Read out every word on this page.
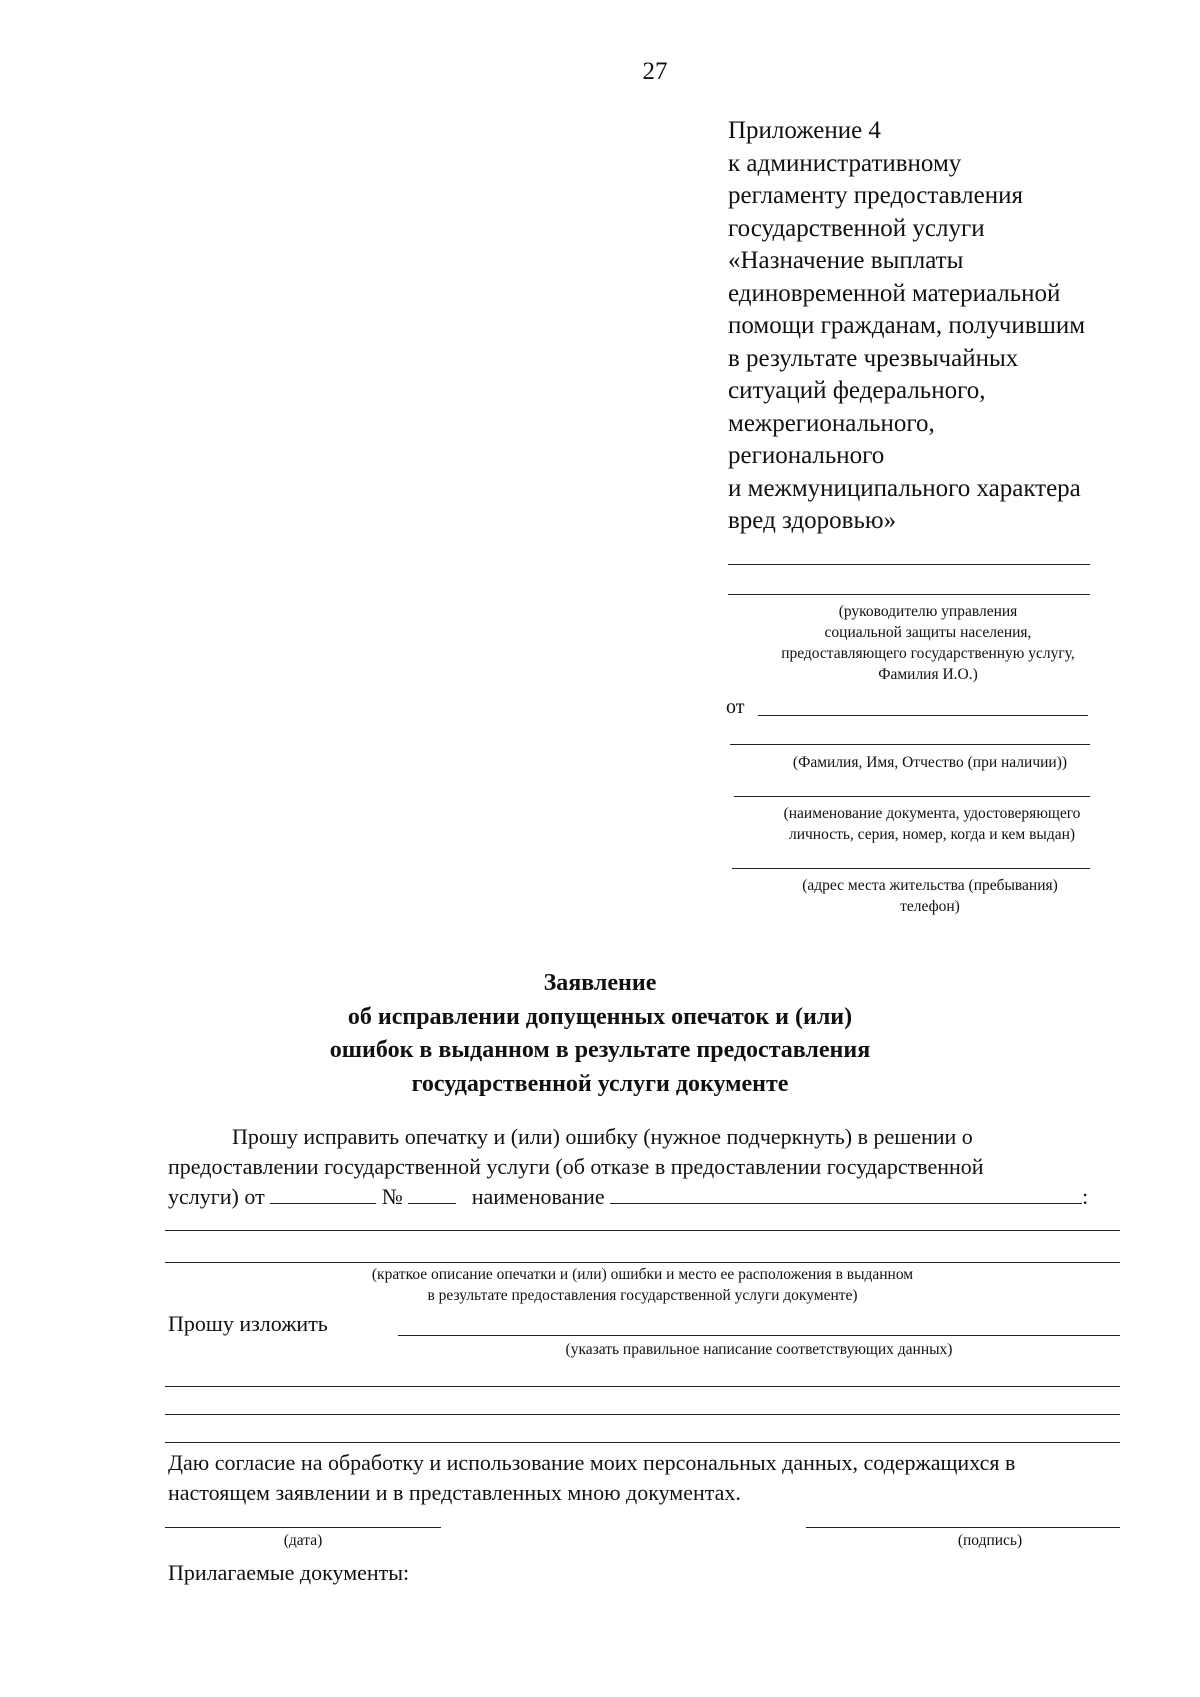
27
Приложение 4
к административному
регламенту предоставления
государственной услуги
«Назначение выплаты
единовременной материальной
помощи гражданам, получившим
в результате чрезвычайных
ситуаций федерального,
межрегионального,
регионального
и межмуниципального характера
вред здоровью»
(руководителю управления
социальной защиты населения,
предоставляющего государственную услугу,
Фамилия И.О.)
от
(Фамилия, Имя, Отчество (при наличии))
(наименование документа, удостоверяющего
личность, серия, номер, когда и кем выдан)
(адрес места жительства (пребывания)
телефон)
Заявление
об исправлении допущенных опечаток и (или)
ошибок в выданном в результате предоставления
государственной услуги документе
Прошу исправить опечатку и (или) ошибку (нужное подчеркнуть) в решении о
предоставлении государственной услуги (об отказе в предоставлении государственной
услуги) от	№	наименование	:
(краткое описание опечатки и (или) ошибки и место ее расположения в выданном
в результате предоставления государственной услуги документе)
Прошу изложить
(указать правильное написание соответствующих данных)
Даю согласие на обработку и использование моих персональных данных, содержащихся в
настоящем заявлении и в представленных мною документах.
(дата)	(подпись)
Прилагаемые документы:
